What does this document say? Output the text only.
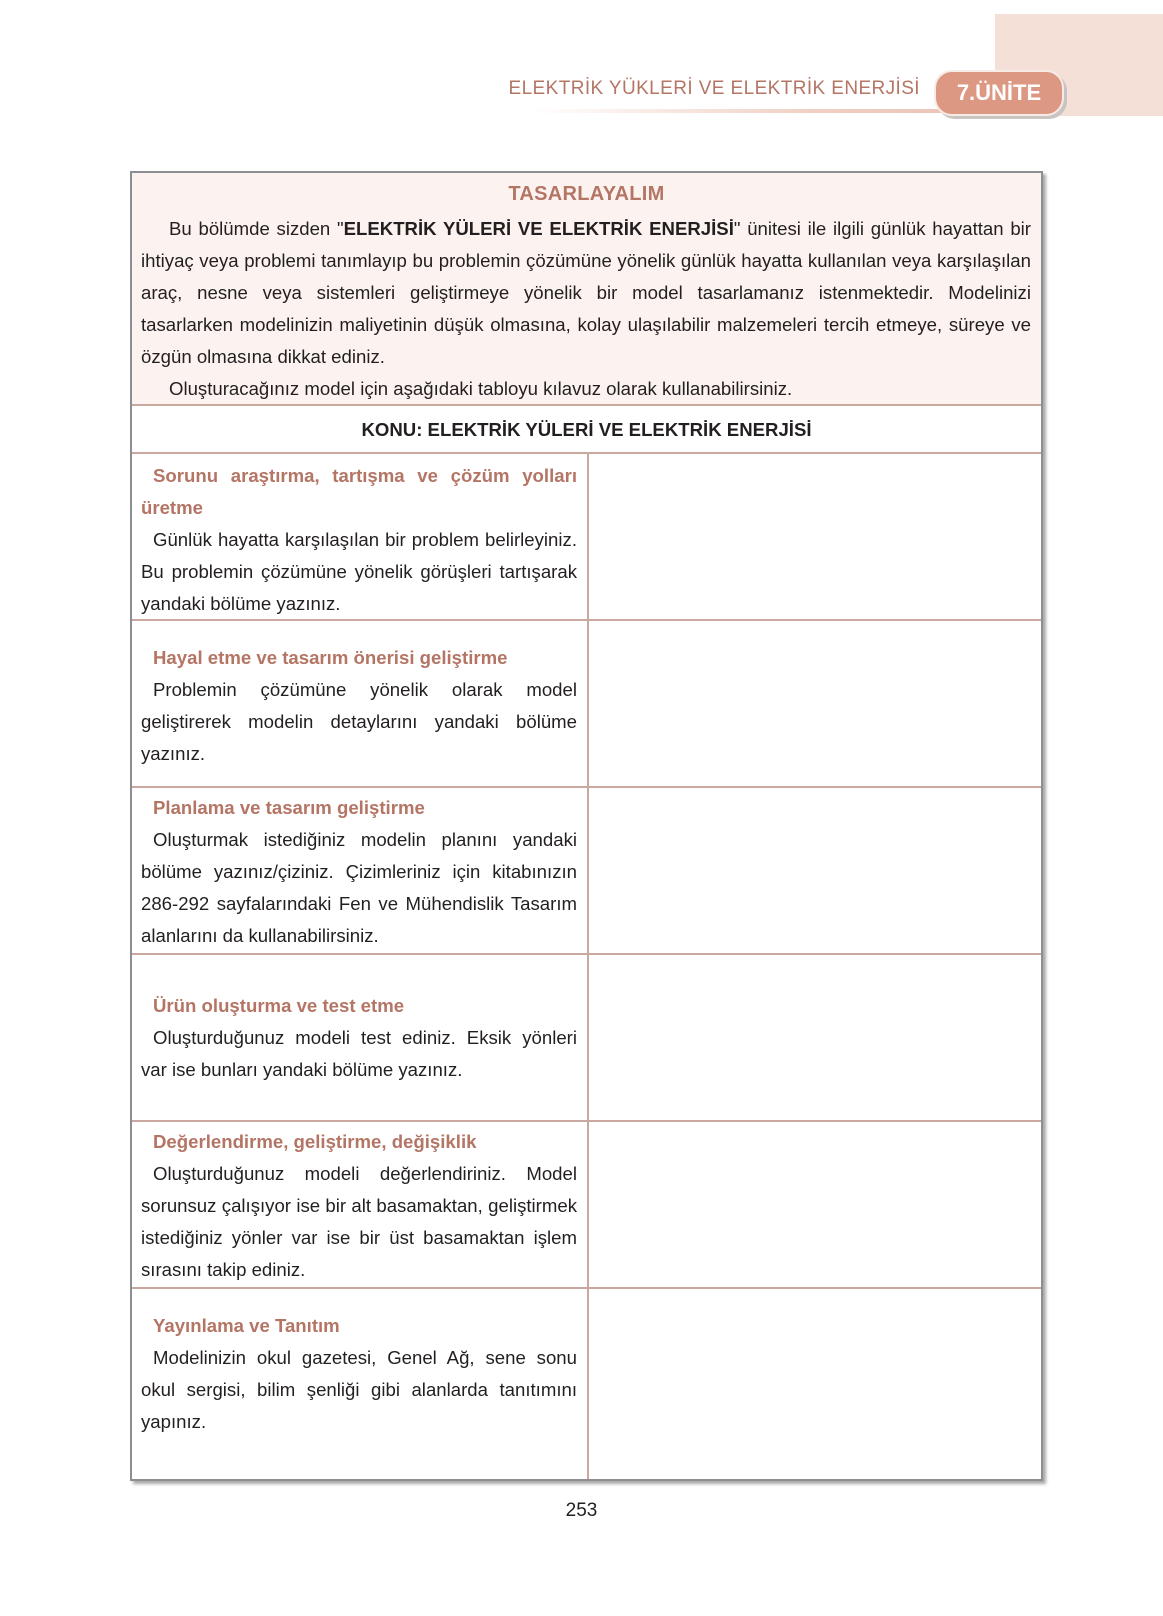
ELEKTRİK YÜKLERİ VE ELEKTRİK ENERJİSİ	7.ÜNİTE
TASARLAYALIM

Bu bölümde sizden "ELEKTRİK YÜLERİ VE ELEKTRİK ENERJİSİ" ünitesi ile ilgili günlük hayattan bir ihtiyaç veya problemi tanımlayıp bu problemin çözümüne yönelik günlük hayatta kullanılan veya karşılaşılan araç, nesne veya sistemleri geliştirmeye yönelik bir model tasarlamanız istenmektedir. Modelinizi tasarlarken modelinizin maliyetinin düşük olmasına, kolay ulaşılabilir malzemeleri tercih etmeye, süreye ve özgün olmasına dikkat ediniz.

Oluşturacağınız model için aşağıdaki tabloyu kılavuz olarak kullanabilirsiniz.

KONU: ELEKTRİK YÜLERİ VE ELEKTRİK ENERJİSİ

Sorunu araştırma, tartışma ve çözüm yolları üretme

Günlük hayatta karşılaşılan bir problem belirleyiniz. Bu problemin çözümüne yönelik görüşleri tartışarak yandaki bölüme yazınız.

Hayal etme ve tasarım önerisi geliştirme

Problemin çözümüne yönelik olarak model geliştirerek modelin detaylarını yandaki bölüme yazınız.

Planlama ve tasarım geliştirme

Oluşturmak istediğiniz modelin planını yandaki bölüme yazınız/çiziniz. Çizimleriniz için kitabınızın 286-292 sayfalarındaki Fen ve Mühendislik Tasarım alanlarını da kullanabilirsiniz.

Ürün oluşturma ve test etme

Oluşturduğunuz modeli test ediniz. Eksik yönleri var ise bunları yandaki bölüme yazınız.

Değerlendirme, geliştirme, değişiklik

Oluşturduğunuz modeli değerlendiriniz. Model sorunsuz çalışıyor ise bir alt basamaktan, geliştirmek istediğiniz yönler var ise bir üst basamaktan işlem sırasını takip ediniz.

Yayınlama ve Tanıtım

Modelinizin okul gazetesi, Genel Ağ, sene sonu okul sergisi, bilim şenliği gibi alanlarda tanıtımını yapınız.

253
